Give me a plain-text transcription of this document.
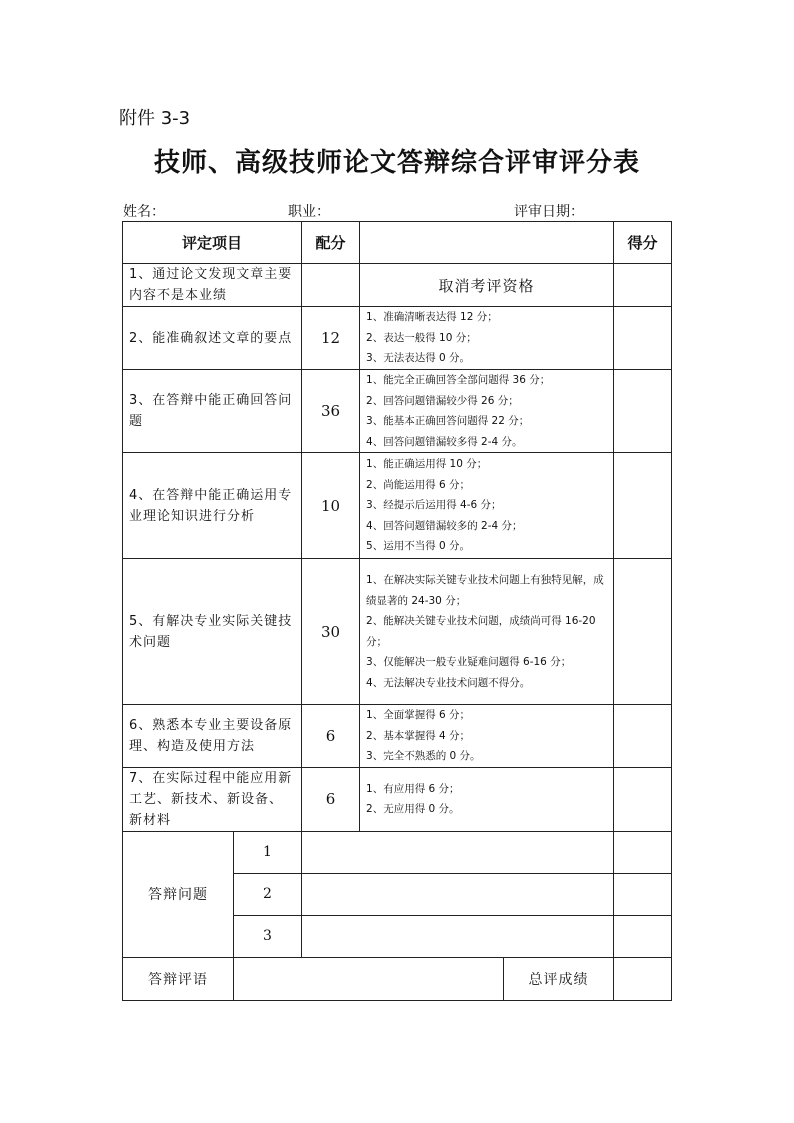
附件 3-3
技师、高级技师论文答辩综合评审评分表
姓名：	职业：	评审日期：
评定项目		配分			得分
1、通过论文发现文章主要内容不是本业绩			取消考评资格		
2、能准确叙述文章的要点		12	1、准确清晰表达得 12 分；
2、表达一般得 10 分；
3、无法表达得 0 分。		

3、在答辩中能正确回答问题		36	1、能完全正确回答全部问题得 36 分；
2、回答问题错漏较少得 26 分；
3、能基本正确回答问题得 22 分；
4、回答问题错漏较多得 2-4 分。		

4、在答辩中能正确运用专业理论知识进行分析		10	1、能正确运用得 10 分；
2、尚能运用得 6 分；
3、经提示后运用得 4-6 分；
4、回答问题错漏较多的 2-4 分；
5、运用不当得 0 分。		

5、有解决专业实际关键技术问题		30	1、在解决实际关键专业技术问题上有独特见解，成绩显著的 24-30 分；
2、能解决关键专业技术问题，成绩尚可得 16-20 分；
3、仅能解决一般专业疑难问题得 6-16 分；
4、无法解决专业技术问题不得分。		

6、熟悉本专业主要设备原理、构造及使用方法		6	1、全面掌握得 6 分；
2、基本掌握得 4 分；
3、完全不熟悉的 0 分。		

7、在实际过程中能应用新工艺、新技术、新设备、新材料		6	1、有应用得 6 分；
2、无应用得 0 分。		

答辩问题	1				
	2				
	3				
答辩评语				总评成绩	
